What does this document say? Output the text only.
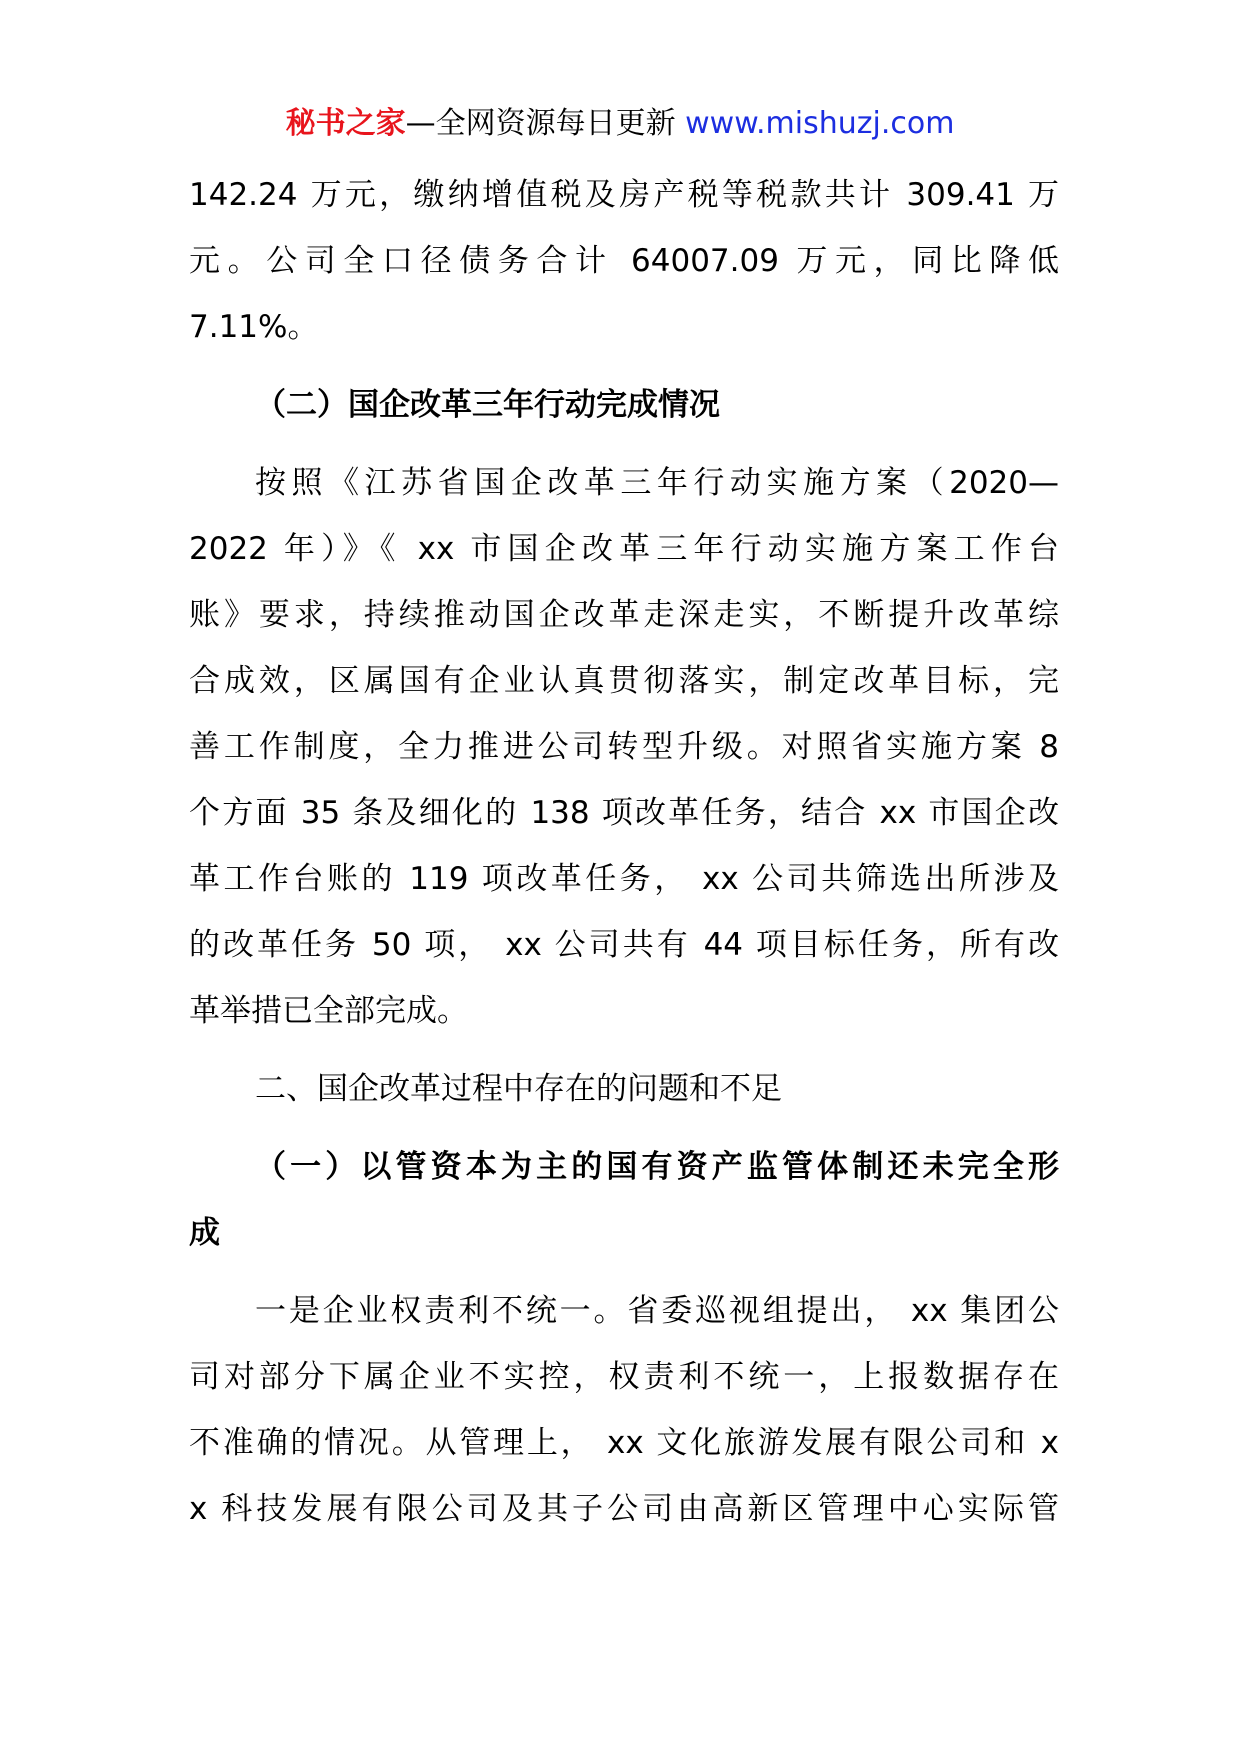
秘书之家—全网资源每日更新 www.mishuzj.com
142.24 万元，缴纳增值税及房产税等税款共计 309.41 万
元。公司全口径债务合计 64007.09 万元，同比降低
7.11%。
（二）国企改革三年行动完成情况
按照《江苏省国企改革三年行动实施方案（2020—
2022 年）》《 xx 市国企改革三年行动实施方案工作台
账》要求，持续推动国企改革走深走实，不断提升改革综
合成效，区属国有企业认真贯彻落实，制定改革目标，完
善工作制度，全力推进公司转型升级。对照省实施方案 8
个方面 35 条及细化的 138 项改革任务，结合 xx 市国企改
革工作台账的 119 项改革任务， xx 公司共筛选出所涉及
的改革任务 50 项， xx 公司共有 44 项目标任务，所有改
革举措已全部完成。
二、国企改革过程中存在的问题和不足
（一）以管资本为主的国有资产监管体制还未完全形
成
一是企业权责利不统一。省委巡视组提出， xx 集团公
司对部分下属企业不实控，权责利不统一，上报数据存在
不准确的情况。从管理上， xx 文化旅游发展有限公司和 x
x 科技发展有限公司及其子公司由高新区管理中心实际管
